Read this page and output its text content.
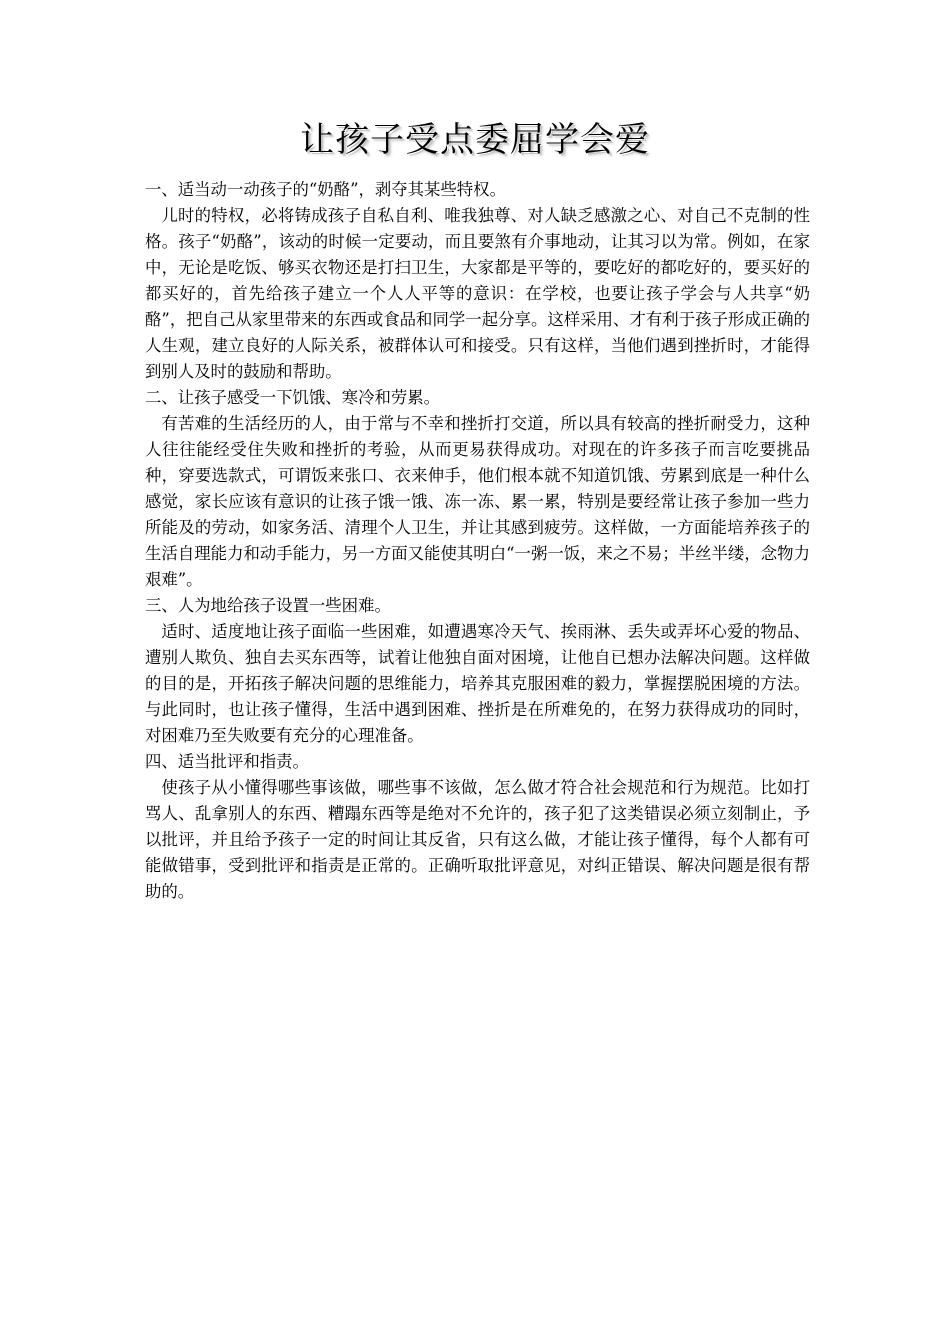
让孩子受点委屈学会爱

一、适当动一动孩子的“奶酪”，剥夺其某些特权。

儿时的特权，必将铸成孩子自私自利、唯我独尊、对人缺乏感激之心、对自己不克制的性格。孩子“奶酪”，该动的时候一定要动，而且要煞有介事地动，让其习以为常。例如，在家中，无论是吃饭、够买衣物还是打扫卫生，大家都是平等的，要吃好的都吃好的，要买好的都买好的，首先给孩子建立一个人人平等的意识：在学校，也要让孩子学会与人共享“奶酪”，把自己从家里带来的东西或食品和同学一起分享。这样采用、才有利于孩子形成正确的人生观，建立良好的人际关系，被群体认可和接受。只有这样，当他们遇到挫折时，才能得到别人及时的鼓励和帮助。

二、让孩子感受一下饥饿、寒冷和劳累。

有苦难的生活经历的人，由于常与不幸和挫折打交道，所以具有较高的挫折耐受力，这种人往往能经受住失败和挫折的考验，从而更易获得成功。对现在的许多孩子而言吃要挑品种，穿要选款式，可谓饭来张口、衣来伸手，他们根本就不知道饥饿、劳累到底是一种什么感觉，家长应该有意识的让孩子饿一饿、冻一冻、累一累，特别是要经常让孩子参加一些力所能及的劳动，如家务活、清理个人卫生，并让其感到疲劳。这样做，一方面能培养孩子的生活自理能力和动手能力，另一方面又能使其明白“一粥一饭，来之不易；半丝半缕，念物力艰难”。

三、人为地给孩子设置一些困难。

适时、适度地让孩子面临一些困难，如遭遇寒冷天气、挨雨淋、丢失或弄坏心爱的物品、遭别人欺负、独自去买东西等，试着让他独自面对困境，让他自已想办法解决问题。这样做的目的是，开拓孩子解决问题的思维能力，培养其克服困难的毅力，掌握摆脱困境的方法。与此同时，也让孩子懂得，生活中遇到困难、挫折是在所难免的，在努力获得成功的同时，对困难乃至失败要有充分的心理准备。

四、适当批评和指责。

使孩子从小懂得哪些事该做，哪些事不该做，怎么做才符合社会规范和行为规范。比如打骂人、乱拿别人的东西、糟蹋东西等是绝对不允许的，孩子犯了这类错误必须立刻制止，予以批评，并且给予孩子一定的时间让其反省，只有这么做，才能让孩子懂得，每个人都有可能做错事，受到批评和指责是正常的。正确听取批评意见，对纠正错误、解决问题是很有帮助的。
